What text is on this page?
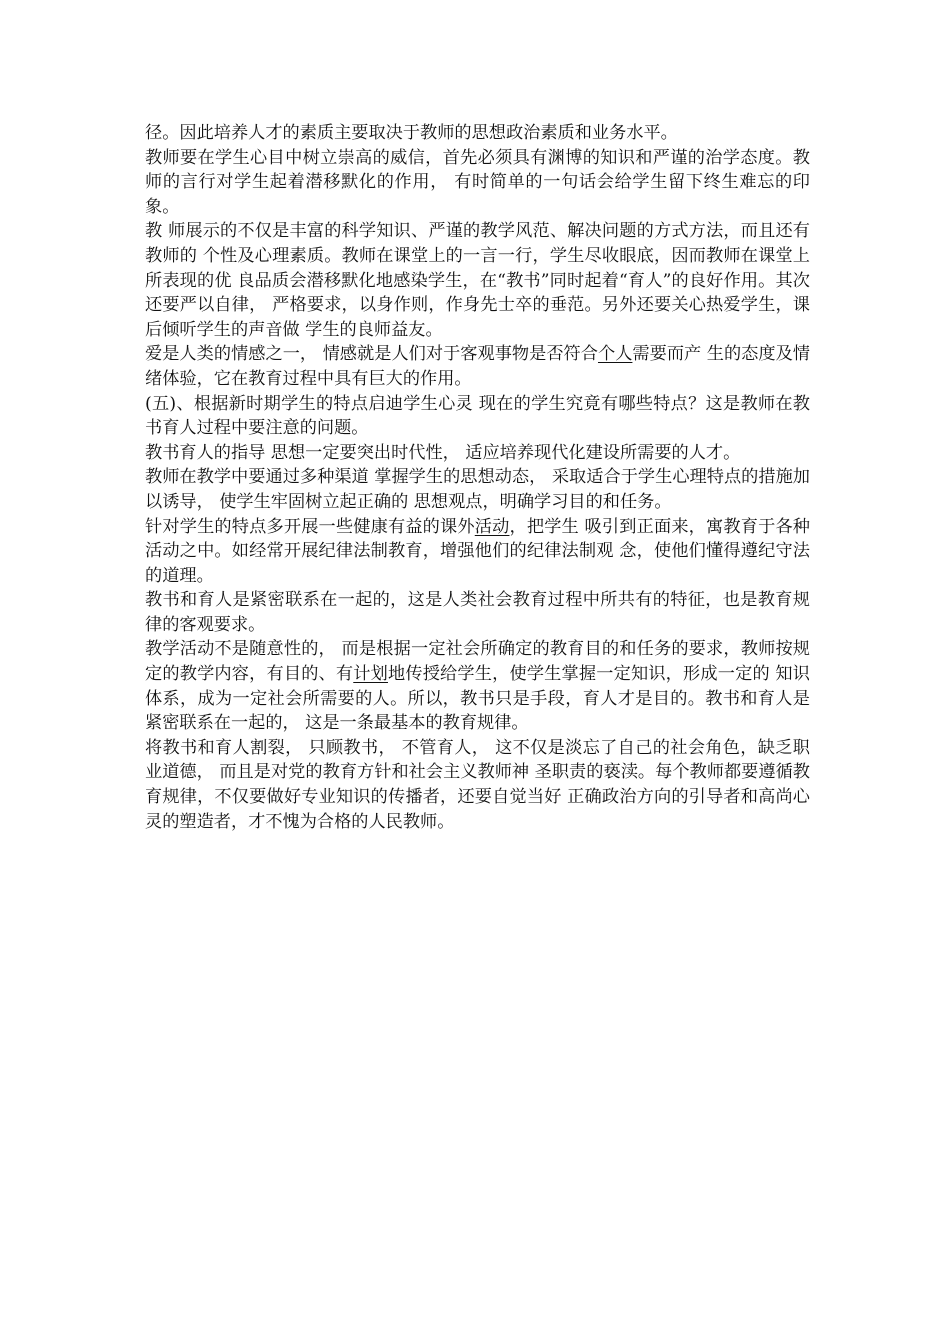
径。因此培养人才的素质主要取决于教师的思想政治素质和业务水平。

教师要在学生心目中树立崇高的威信，首先必须具有渊博的知识和严谨的治学态度。教 师的言行对学生起着潜移默化的作用， 有时简单的一句话会给学生留下终生难忘的印象。

教 师展示的不仅是丰富的科学知识、严谨的教学风范、解决问题的方式方法，而且还有教师的 个性及心理素质。教师在课堂上的一言一行，学生尽收眼底，因而教师在课堂上所表现的优 良品质会潜移默化地感染学生，在“教书”同时起着“育人”的良好作用。其次还要严以自律， 严格要求，以身作则，作身先士卒的垂范。另外还要关心热爱学生，课后倾听学生的声音做 学生的良师益友。

爱是人类的情感之一， 情感就是人们对于客观事物是否符合个人需要而产 生的态度及情绪体验，它在教育过程中具有巨大的作用。

(五)、根据新时期学生的特点启迪学生心灵 现在的学生究竟有哪些特点？这是教师在教书育人过程中要注意的问题。

教书育人的指导 思想一定要突出时代性， 适应培养现代化建设所需要的人才。

教师在教学中要通过多种渠道 掌握学生的思想动态， 采取适合于学生心理特点的措施加以诱导， 使学生牢固树立起正确的 思想观点，明确学习目的和任务。

针对学生的特点多开展一些健康有益的课外活动，把学生 吸引到正面来，寓教育于各种活动之中。如经常开展纪律法制教育，增强他们的纪律法制观 念，使他们懂得遵纪守法的道理。

教书和育人是紧密联系在一起的，这是人类社会教育过程中所共有的特征，也是教育规 律的客观要求。

教学活动不是随意性的， 而是根据一定社会所确定的教育目的和任务的要求，教师按规定的教学内容，有目的、有计划地传授给学生，使学生掌握一定知识，形成一定的 知识体系，成为一定社会所需要的人。所以，教书只是手段，育人才是目的。教书和育人是 紧密联系在一起的， 这是一条最基本的教育规律。

将教书和育人割裂， 只顾教书， 不管育人， 这不仅是淡忘了自己的社会角色，缺乏职业道德， 而且是对党的教育方针和社会主义教师神 圣职责的亵渎。每个教师都要遵循教育规律，不仅要做好专业知识的传播者，还要自觉当好 正确政治方向的引导者和高尚心灵的塑造者，才不愧为合格的人民教师。
